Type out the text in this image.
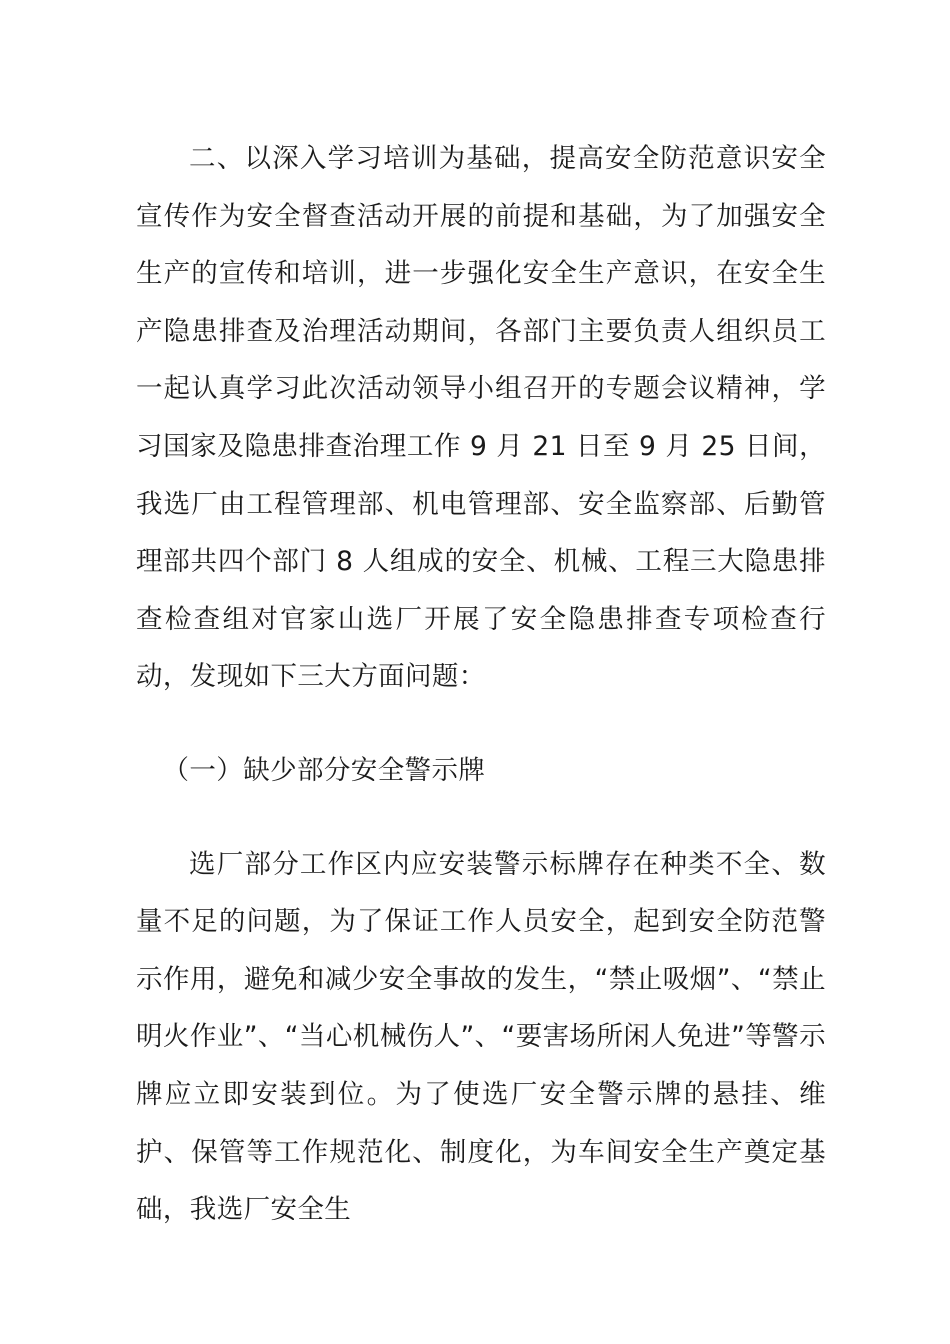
二、以深入学习培训为基础，提高安全防范意识安全宣传作为安全督查活动开展的前提和基础，为了加强安全生产的宣传和培训，进一步强化安全生产意识，在安全生产隐患排查及治理活动期间，各部门主要负责人组织员工一起认真学习此次活动领导小组召开的专题会议精神，学习国家及隐患排查治理工作 9 月 21 日至 9 月 25 日间，我选厂由工程管理部、机电管理部、安全监察部、后勤管理部共四个部门 8 人组成的安全、机械、工程三大隐患排查检查组对官家山选厂开展了安全隐患排查专项检查行动，发现如下三大方面问题：

（一）缺少部分安全警示牌

选厂部分工作区内应安装警示标牌存在种类不全、数量不足的问题，为了保证工作人员安全，起到安全防范警示作用，避免和减少安全事故的发生，“禁止吸烟”、“禁止明火作业”、“当心机械伤人”、“要害场所闲人免进”等警示牌应立即安装到位。为了使选厂安全警示牌的悬挂、维护、保管等工作规范化、制度化，为车间安全生产奠定基础，我选厂安全生
